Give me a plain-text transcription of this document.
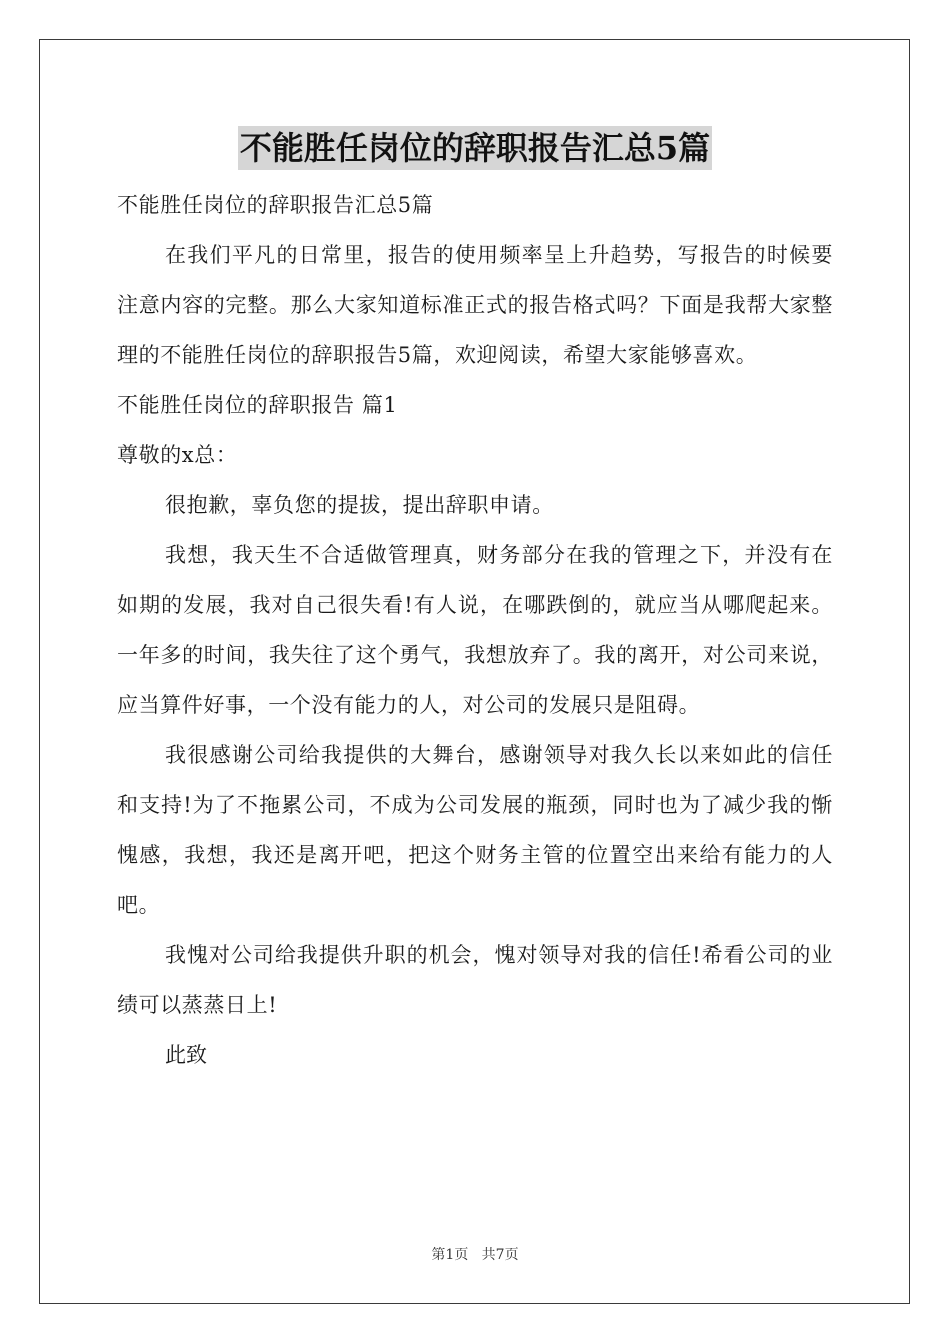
不能胜任岗位的辞职报告汇总5篇
不能胜任岗位的辞职报告汇总5篇

在我们平凡的日常里，报告的使用频率呈上升趋势，写报告的时候要注意内容的完整。那么大家知道标准正式的报告格式吗？下面是我帮大家整理的不能胜任岗位的辞职报告5篇，欢迎阅读，希望大家能够喜欢。

不能胜任岗位的辞职报告 篇1
尊敬的x总：

很抱歉，辜负您的提拔，提出辞职申请。

我想，我天生不合适做管理真，财务部分在我的管理之下，并没有在如期的发展，我对自己很失看!有人说，在哪跌倒的，就应当从哪爬起来。一年多的时间，我失往了这个勇气，我想放弃了。我的离开，对公司来说，应当算件好事，一个没有能力的人，对公司的发展只是阻碍。

我很感谢公司给我提供的大舞台，感谢领导对我久长以来如此的信任和支持!为了不拖累公司，不成为公司发展的瓶颈，同时也为了减少我的惭愧感，我想，我还是离开吧，把这个财务主管的位置空出来给有能力的人吧。

我愧对公司给我提供升职的机会，愧对领导对我的信任!希看公司的业绩可以蒸蒸日上!

此致
第1页   共7页
